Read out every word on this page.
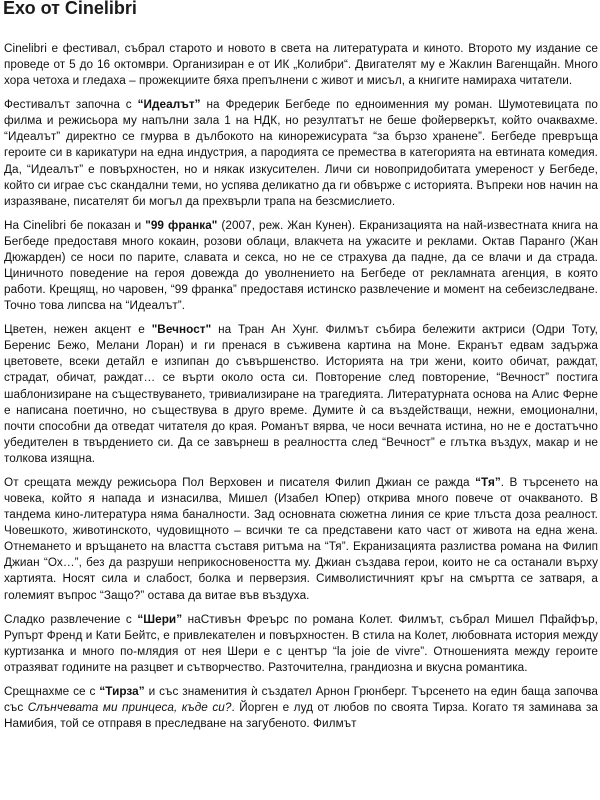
Ехо от Cinelibri

Cinelibri е фестивал, събрал старото и новото в света на литературата и киното. Второто му издание се проведе от 5 до 16 октомври. Организиран е от ИК „Колибри“. Двигателят му е Жаклин Вагенщайн. Много хора четоха и гледаха – прожекциите бяха препълнени с живот и мисъл, а книгите намираха читатели.

Фестивалът започна с “Идеалът” на Фредерик Бегбеде по едноименния му роман. Шумотевицата по филма и режисьора му напълни зала 1 на НДК, но резултатът не беше фойерверкът, който очаквахме. “Идеалът” директно се гмурва в дълбокото на кинорежисурата “за бързо хранене”. Бегбеде превръща героите си в карикатури на една индустрия, а пародията се премества в категорията на евтината комедия. Да, “Идеалът” е повърхностен, но и някак изкусителен. Личи си новопридобитата умереност у Бегбеде, който си играе със скандални теми, но успява деликатно да ги обвърже с историята. Въпреки нов начин на изразяване, писателят би могъл да прехвърли трапа на безсмислието.

На Cinelibri бе показан и "99 франка" (2007, реж. Жан Кунен). Екранизацията на най-известната книга на Бегбеде предоставя много кокаин, розови облаци, влакчета на ужасите и реклами. Октав Паранго (Жан Дюжарден) се носи по парите, славата и секса, но не се страхува да падне, да се влачи и да страда. Циничното поведение на героя довежда до уволнението на Бегбеде от рекламната агенция, в която работи. Крещящ, но чаровен, “99 франка” предоставя истинско развлечение и момент на себеизследване. Точно това липсва на “Идеалът”.

Цветен, нежен акцент е "Вечност" на Тран Ан Хунг. Филмът събира бележити актриси (Одри Тоту, Беренис Бежо, Мелани Лоран) и ги пренася в съживена картина на Моне. Екранът едвам задържа цветовете, всеки детайл е изпипан до съвършенство. Историята на три жени, които обичат, раждат, страдат, обичат, раждат… се върти около оста си. Повторение след повторение, “Вечност” постига шаблонизиране на съществуването, тривиализиране на трагедията. Литературната основа на Алис Ферне е написана поетично, но съществува в друго време. Думите ѝ са въздействащи, нежни, емоционални, почти способни да отведат читателя до края. Романът вярва, че носи вечната истина, но не е достатъчно убедителен в твърдението си. Да се завърнеш в реалността след “Вечност” е глътка въздух, макар и не толкова изящна.

От срещата между режисьора Пол Верховен и писателя Филип Джиан се ражда “Тя”. В търсенето на човека, който я напада и изнасилва, Мишел (Изабел Юпер) открива много повече от очакваното. В тандема кино-литература няма баналности. Зад основната сюжетна линия се крие тлъста доза реалност. Човешкото, животинското, чудовищното – всички те са представени като част от живота на една жена. Отнемането и връщането на властта съставя ритъма на “Тя”. Екранизацията разлиства романа на Филип Джиан “Ох…”, без да разруши неприкосновеността му. Джиан създава герои, които не са останали върху хартията. Носят сила и слабост, болка и перверзия. Символистичният кръг на смъртта се затваря, а големият въпрос “Защо?” остава да витае във въздуха.

Сладко развлечение с “Шери” наСтивън Фреърс по романа Колет. Филмът, събрал Мишел Пфайфър, Рупърт Френд и Кати Бейтс, е привлекателен и повърхностен. В стила на Колет, любовната история между куртизанка и много по-млядия от нея Шери е с център “la joie de vivre”. Отношенията между героите отразяват годините на разцвет и сътворчество. Разточителна, грандиозна и вкусна романтика.

Срещнахме се с “Тирза” и със знаменития ѝ създател Арнон Грюнберг. Търсенето на един баща започва със Слънчевата ми принцеса, къде си?. Йорген е луд от любов по своята Тирза. Когато тя заминава за Намибия, той се отправя в преследване на загубеното. Филмът
